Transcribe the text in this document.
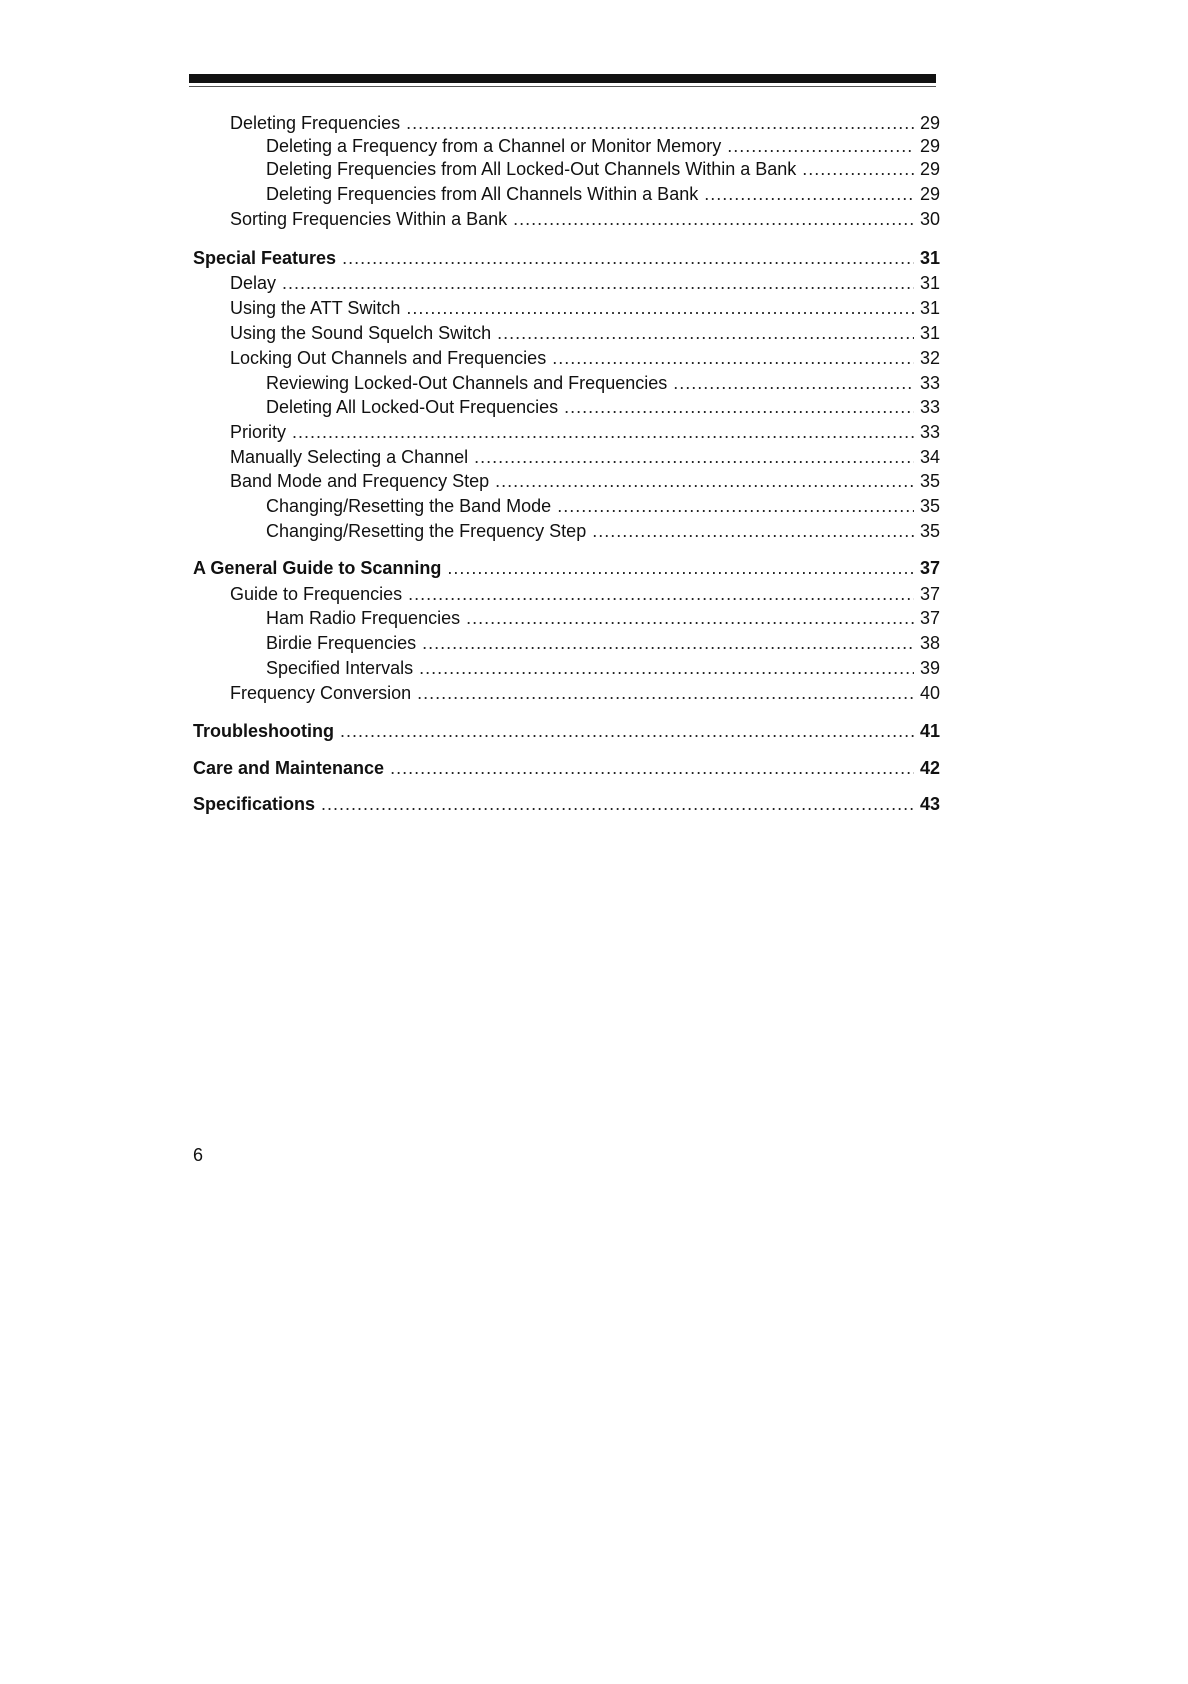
Deleting Frequencies .....	29
Deleting a Frequency from a Channel or Monitor Memory .....	29
Deleting Frequencies from All Locked-Out Channels Within a Bank .....	29
Deleting Frequencies from All Channels Within a Bank .....	29
Sorting Frequencies Within a Bank .....	30
Special Features .....	31
Delay .....	31
Using the ATT Switch .....	31
Using the Sound Squelch Switch .....	31
Locking Out Channels and Frequencies .....	32
Reviewing Locked-Out Channels and Frequencies .....	33
Deleting All Locked-Out Frequencies .....	33
Priority .....	33
Manually Selecting a Channel .....	34
Band Mode and Frequency Step .....	35
Changing/Resetting the Band Mode .....	35
Changing/Resetting the Frequency Step .....	35
A General Guide to Scanning .....	37
Guide to Frequencies .....	37
Ham Radio Frequencies .....	37
Birdie Frequencies .....	38
Specified Intervals .....	39
Frequency Conversion .....	40
Troubleshooting .....	41
Care and Maintenance .....	42
Specifications .....	43
6
